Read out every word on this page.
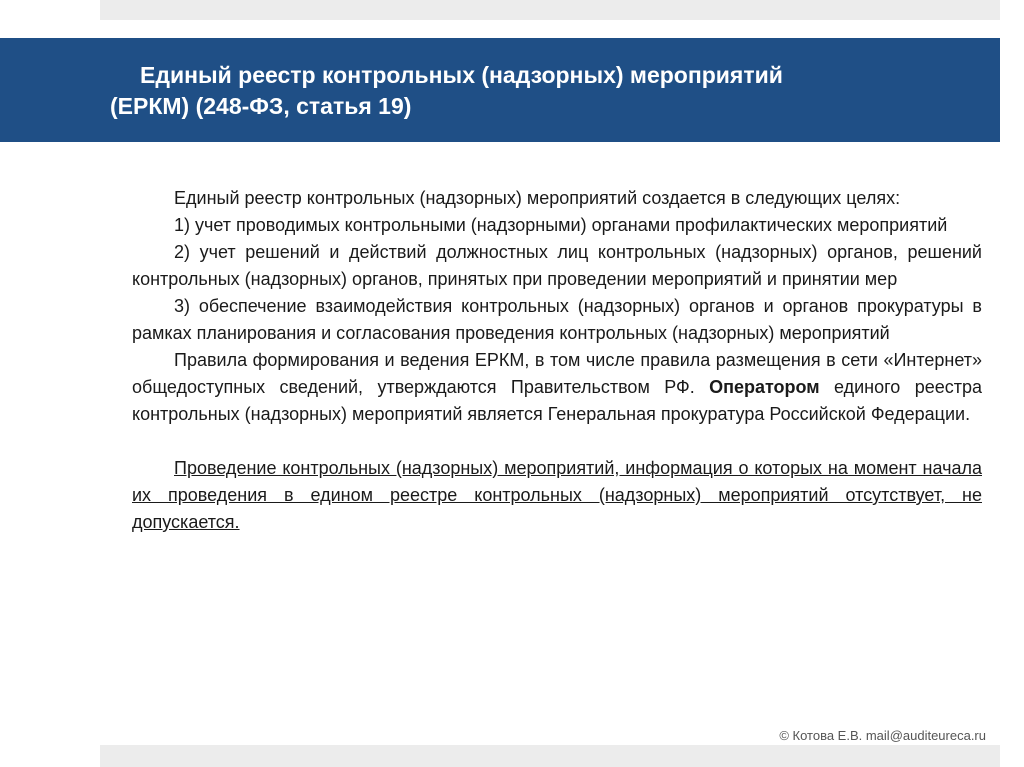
Единый реестр контрольных (надзорных) мероприятий
(ЕРКМ) (248-ФЗ, статья 19)

Единый реестр контрольных (надзорных) мероприятий создается в следующих целях:

1) учет проводимых контрольными (надзорными) органами профилактических мероприятий

2) учет решений и действий должностных лиц контрольных (надзорных) органов, решений контрольных (надзорных) органов, принятых при проведении мероприятий и принятии мер

3) обеспечение взаимодействия контрольных (надзорных) органов и органов прокуратуры в рамках планирования и согласования проведения контрольных (надзорных) мероприятий

Правила формирования и ведения ЕРКМ, в том числе правила размещения в сети «Интернет» общедоступных сведений, утверждаются Правительством РФ. Оператором единого реестра контрольных (надзорных) мероприятий является Генеральная прокуратура Российской Федерации.

Проведение контрольных (надзорных) мероприятий, информация о которых на момент начала их проведения в едином реестре контрольных (надзорных) мероприятий отсутствует, не допускается.

© Котова Е.В. mail@auditeureca.ru
